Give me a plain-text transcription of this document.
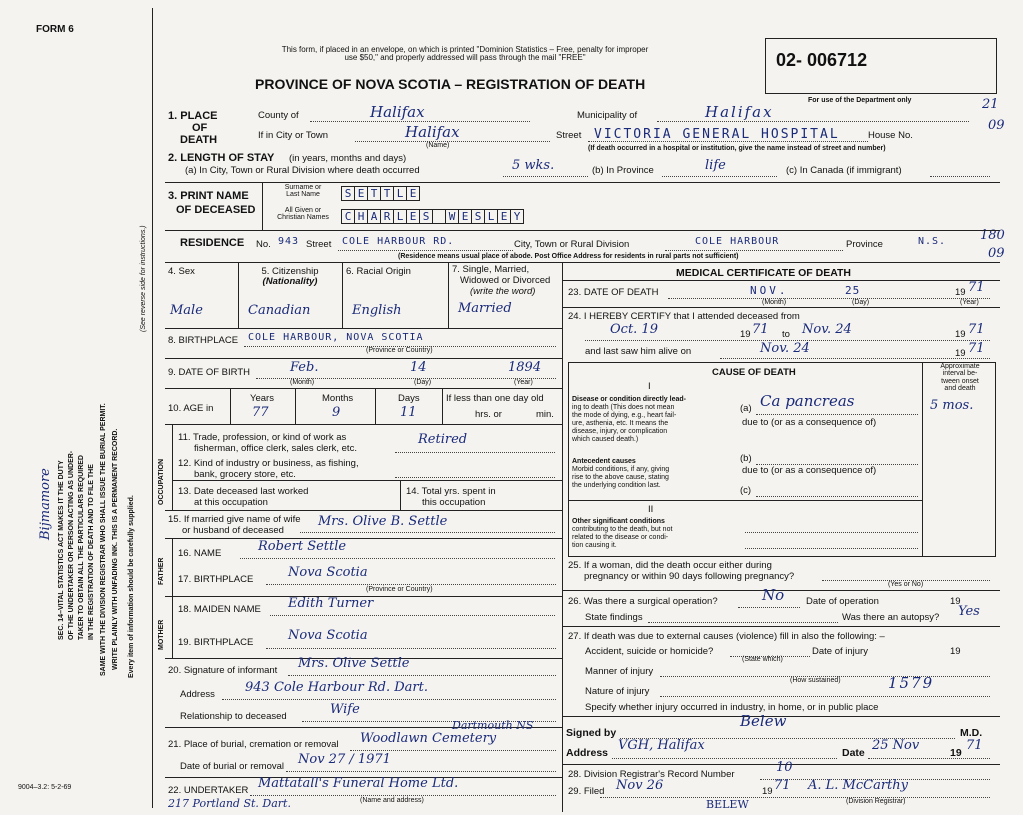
FORM 6
This form, if placed in an envelope, on which is printed "Dominion Statistics – Free, penalty for improper
use $50," and properly addressed will pass through the mail "FREE"
PROVINCE OF NOVA SCOTIA – REGISTRATION OF DEATH
02- 006712
For use of the Department only	21
09
180
09
SEC. 14–VITAL STATISTICS ACT MAKES IT THE DUTY OF THE UNDERTAKER OR PERSON ACTING AS UNDER- TAKER TO OBTAIN ALL THE PARTICULARS REQUIRED IN THE REGISTRATION OF DEATH AND TO FILE THE SAME WITH THE DIVISION REGISTRAR WHO SHALL ISSUE THE BURIAL PERMIT. WRITE PLAINLY WITH UNFADING INK. THIS IS A PERMANENT RECORD. Every item of information should be carefully supplied.
(See reverse side for instructions.)
Bijmamore
9004–3.2: 5-2-69
1. PLACE
OF
DEATH
County of	Halifax	Municipality of	Halifax
If in City or Town	Halifax
(Name)
Street VICTORIA GENERAL HOSPITAL	House No.
(If death occurred in a hospital or institution, give the name instead of street and number)
2. LENGTH OF STAY (in years, months and days)
(a) In City, Town or Rural Division where death occurred	5 wks.	(b) In Province	life	(c) In Canada (if immigrant)
3. PRINT NAME
OF DECEASED
Surname or
Last Name
All Given or
Christian Names
S E T T L E
C H A R L E S	W E S L E Y
RESIDENCE No. 943 Street COLE HARBOUR RD.	City, Town or Rural Division	COLE HARBOUR	Province	N.S.
(Residence means usual place of abode. Post Office Address for residents in rural parts not sufficient)
4. Sex	5. Citizenship
(Nationality)
6. Racial Origin	7. Single, Married,
Widowed or Divorced
(write the word)
Male	Canadian	English	Married
8. BIRTHPLACE COLE HARBOUR, NOVA SCOTIA
(Province or Country)
9. DATE OF BIRTH	Feb.	14	1894
(Month)	(Day)	(Year)
10. AGE in
Years	Months	Days
77	9	11
If less than one day old
hrs. or	min.
OCCUPATION
11. Trade, profession, or kind of work as
fisherman, office clerk, sales clerk, etc.
Retired
12. Kind of industry or business, as fishing,
bank, grocery store, etc.
13. Date deceased last worked
at this occupation
14. Total yrs. spent in
this occupation
15. If married give name of wife
or husband of deceased
Mrs. Olive B. Settle
FATHER
16. NAME	Robert Settle
17. BIRTHPLACE	Nova Scotia
(Province or Country)
MOTHER
18. MAIDEN NAME Edith Turner
19. BIRTHPLACE	Nova Scotia
20. Signature of informant Mrs. Olive Settle
Address 943 Cole Harbour Rd. Dart.
Relationship to deceased	Wife
Dartmouth NS
21. Place of burial, cremation or removal Woodlawn Cemetery
Date of burial or removal Nov 27 / 1971
22. UNDERTAKER Mattatall's Funeral Home Ltd.
(Name and address)
217 Portland St. Dart.
MEDICAL CERTIFICATE OF DEATH
23. DATE OF DEATH	NOV.	25	19 71
(Month)	(Day)	(Year)
24. I HEREBY CERTIFY that I attended deceased from
Oct. 19	19 71 to Nov. 24	19 71
and last saw him alive on	Nov. 24	19 71
CAUSE OF DEATH
Approximate
interval be-
tween onset
and death
I
Disease or condition directly lead-
ing to death (This does not mean
the mode of dying, e.g., heart fail-
ure, asthenia, etc. It means the
disease, injury, or complication
which caused death.)
(a) Ca pancreas	5 mos.
due to (or as a consequence of)
Antecedent causes
Morbid conditions, if any, giving
rise to the above cause, stating
the underlying condition last.
(b)
due to (or as a consequence of)
(c)
II
Other significant conditions
contributing to the death, but not
related to the disease or condi-
tion causing it.
25. If a woman, did the death occur either during
pregnancy or within 90 days following pregnancy?
(Yes or No)
26. Was there a surgical operation?	No Date of operation	19
State findings	Was there an autopsy? Yes
27. If death was due to external causes (violence) fill in also the following: –
Accident, suicide or homicide?
(State which)
Date of injury	19
Manner of injury
(How sustained)
Nature of injury	1579
Specify whether injury occurred in industry, in home, or in public place
Signed by
Belew
M.D.
Address VGH, Halifax	Date 25 Nov	19 71
28. Division Registrar's Record Number	10
29. Filed Nov 26	19 71 A. L. McCarthy
(Division Registrar)
BELEW
